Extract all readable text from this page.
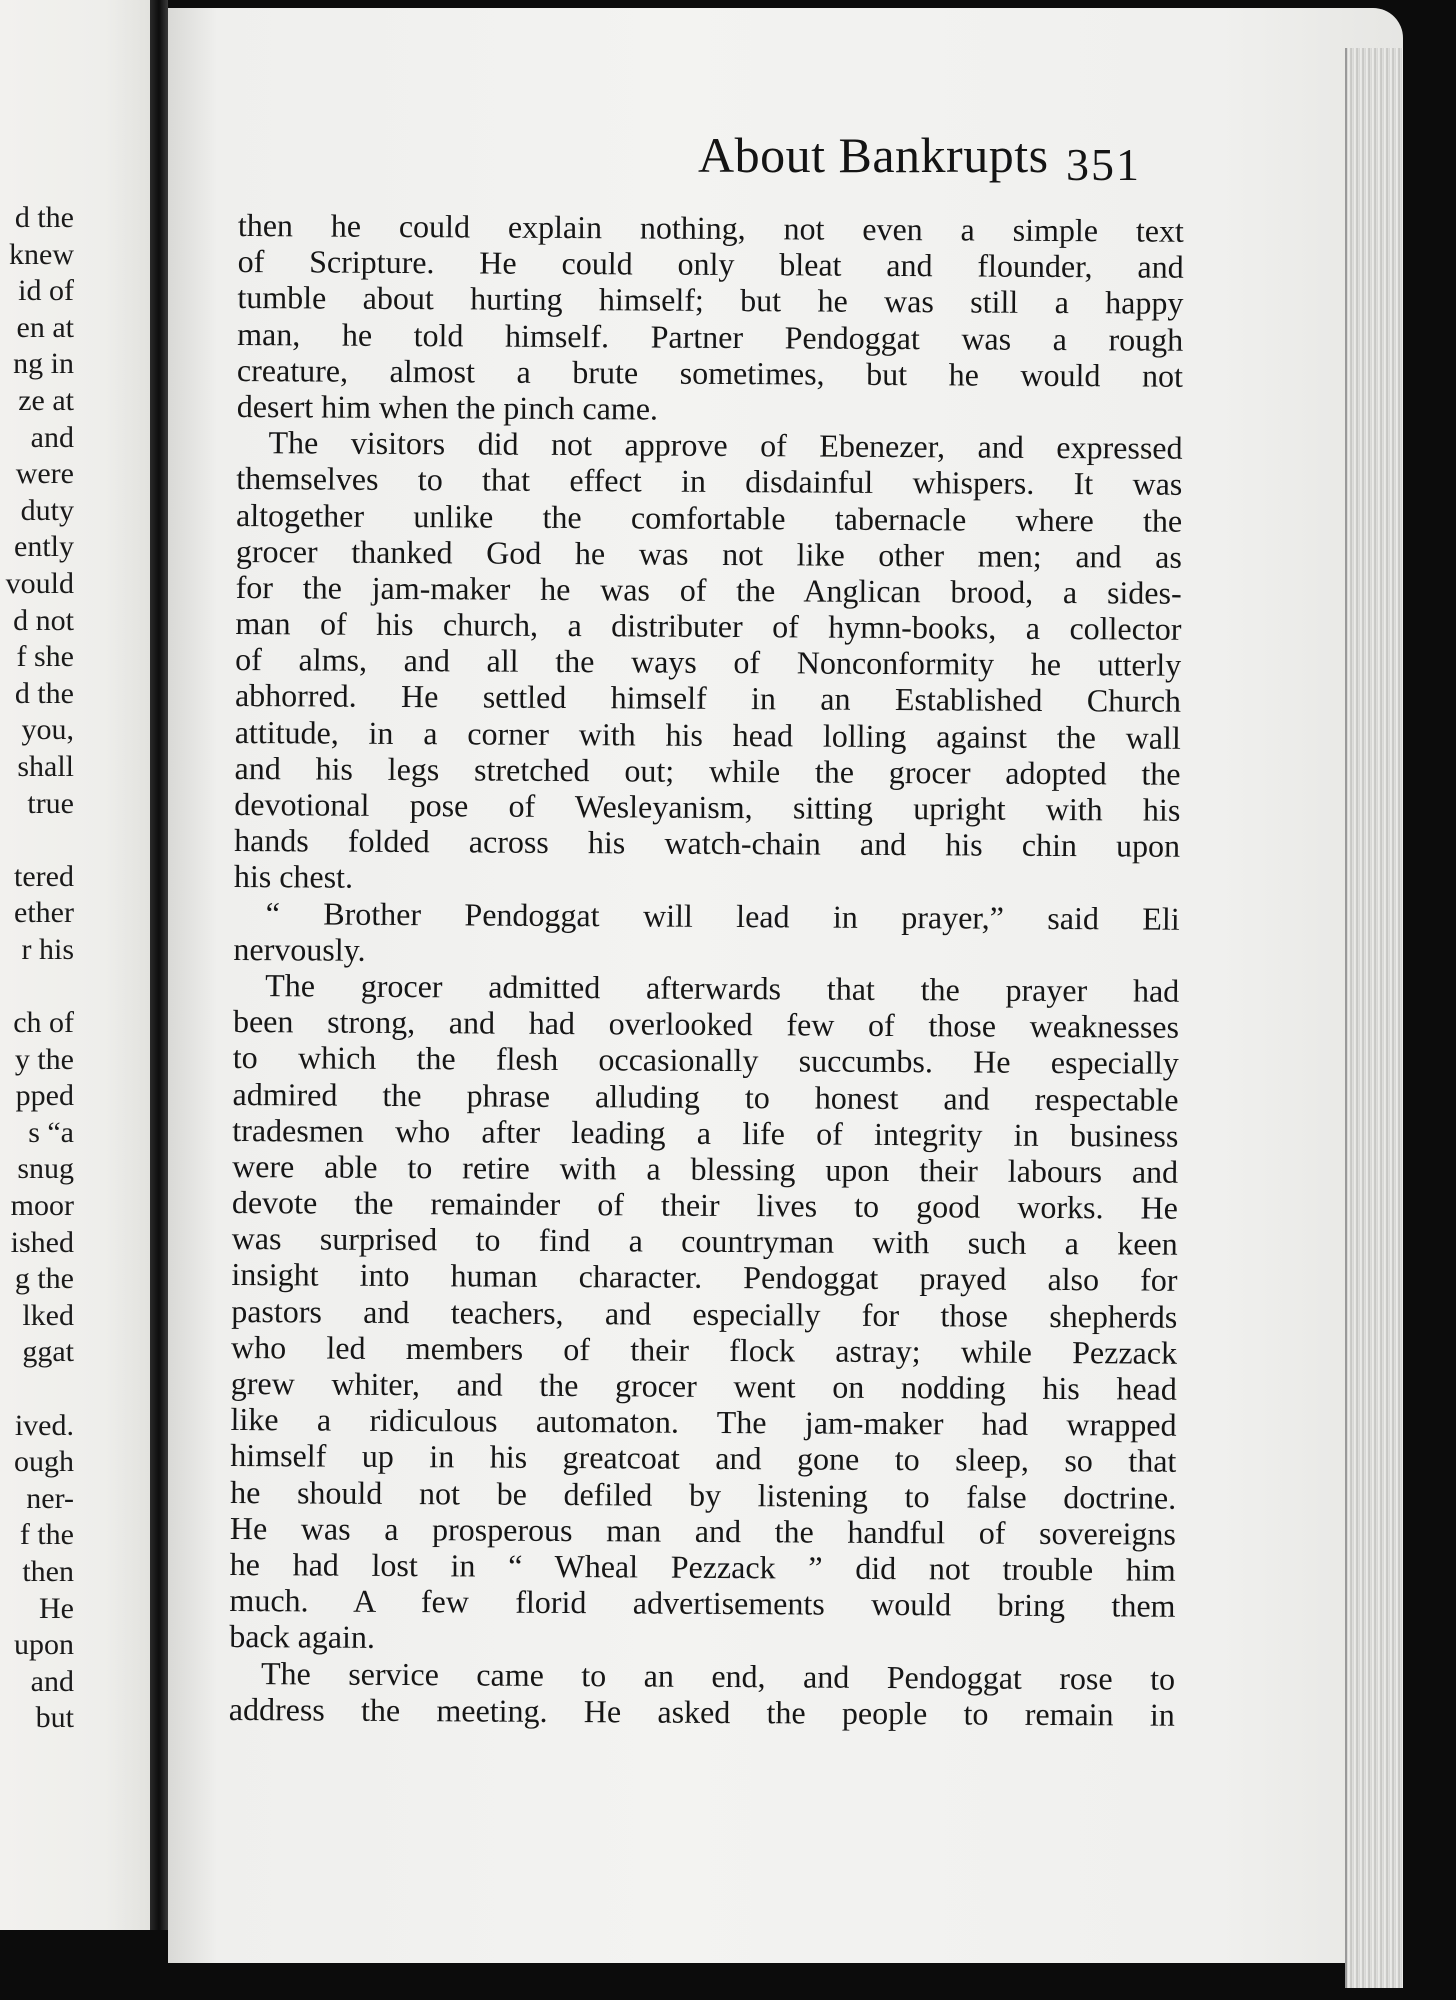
d the
knew
id of
en at
ng in
ze at
and
were
duty
ently
vould
d not
f she
d the
you,
shall
true
tered
ether
r his
ch of
y the
pped
s “a
snug
moor
ished
g the
lked
ggat
ived.
ough
ner-
f the
then
He
upon
and
but
About Bankrupts 351
then he could explain nothing, not even a simple text
of Scripture. He could only bleat and flounder, and
tumble about hurting himself; but he was still a happy
man, he told himself. Partner Pendoggat was a rough
creature, almost a brute sometimes, but he would not
desert him when the pinch came.
The visitors did not approve of Ebenezer, and expressed
themselves to that effect in disdainful whispers. It was
altogether unlike the comfortable tabernacle where the
grocer thanked God he was not like other men; and as
for the jam-maker he was of the Anglican brood, a sides-
man of his church, a distributer of hymn-books, a collector
of alms, and all the ways of Nonconformity he utterly
abhorred. He settled himself in an Established Church
attitude, in a corner with his head lolling against the wall
and his legs stretched out; while the grocer adopted the
devotional pose of Wesleyanism, sitting upright with his
hands folded across his watch-chain and his chin upon
his chest.
“ Brother Pendoggat will lead in prayer,” said Eli
nervously.
The grocer admitted afterwards that the prayer had
been strong, and had overlooked few of those weaknesses
to which the flesh occasionally succumbs. He especially
admired the phrase alluding to honest and respectable
tradesmen who after leading a life of integrity in business
were able to retire with a blessing upon their labours and
devote the remainder of their lives to good works. He
was surprised to find a countryman with such a keen
insight into human character. Pendoggat prayed also for
pastors and teachers, and especially for those shepherds
who led members of their flock astray; while Pezzack
grew whiter, and the grocer went on nodding his head
like a ridiculous automaton. The jam-maker had wrapped
himself up in his greatcoat and gone to sleep, so that
he should not be defiled by listening to false doctrine.
He was a prosperous man and the handful of sovereigns
he had lost in “ Wheal Pezzack ” did not trouble him
much. A few florid advertisements would bring them
back again.
The service came to an end, and Pendoggat rose to
address the meeting. He asked the people to remain in
